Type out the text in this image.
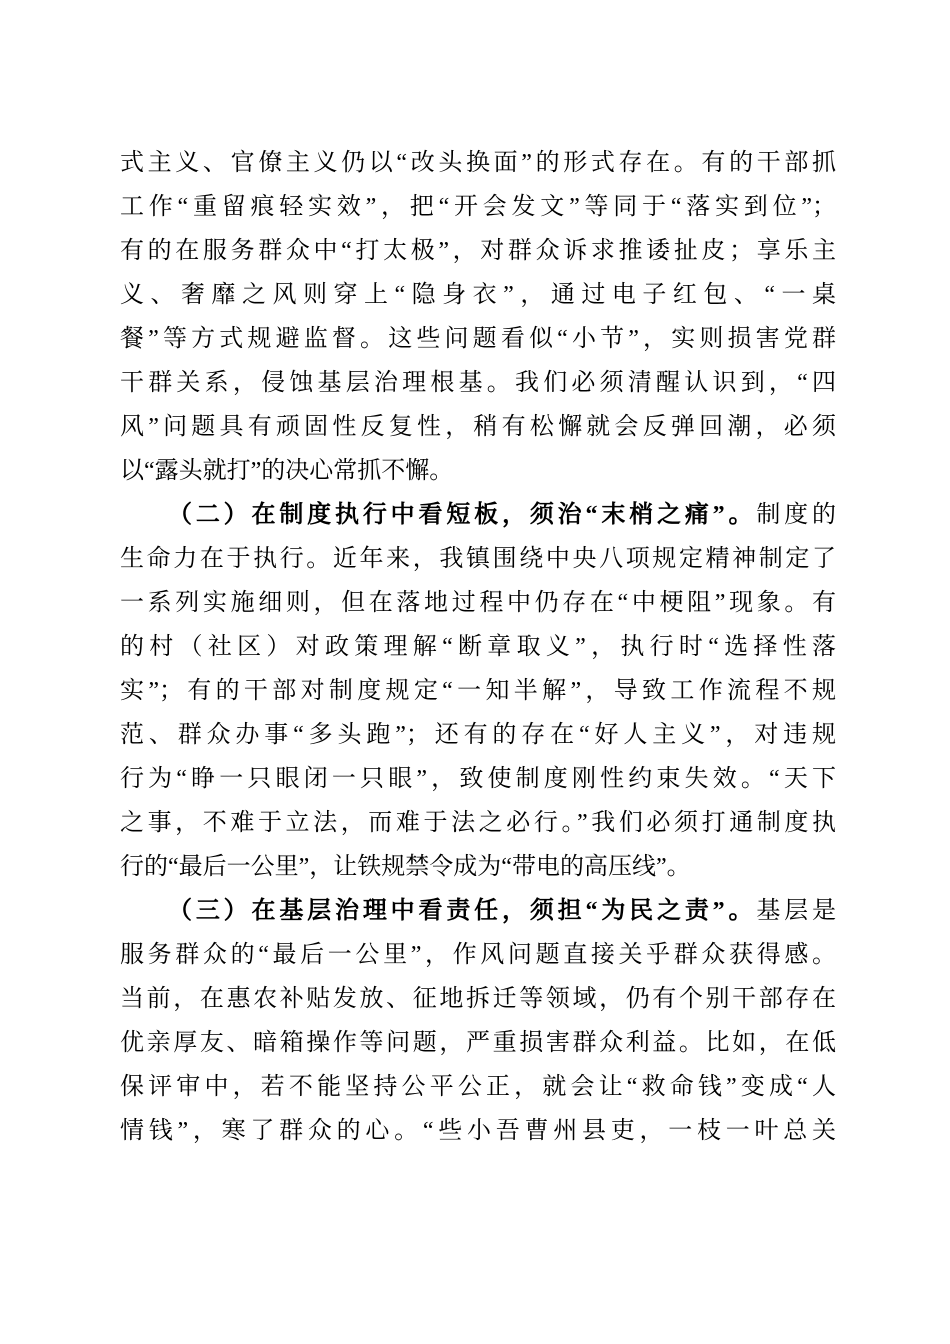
式主义、官僚主义仍以“改头换面”的形式存在。有的干部抓
工作“重留痕轻实效”，把“开会发文”等同于“落实到位”；
有的在服务群众中“打太极”，对群众诉求推诿扯皮；享乐主
义、奢靡之风则穿上“隐身衣”，通过电子红包、“一桌
餐”等方式规避监督。这些问题看似“小节”，实则损害党群
干群关系，侵蚀基层治理根基。我们必须清醒认识到，“四
风”问题具有顽固性反复性，稍有松懈就会反弹回潮，必须
以“露头就打”的决心常抓不懈。
（二）在制度执行中看短板，须治“末梢之痛”。制度的
生命力在于执行。近年来，我镇围绕中央八项规定精神制定了
一系列实施细则，但在落地过程中仍存在“中梗阻”现象。有
的村（社区）对政策理解“断章取义”，执行时“选择性落
实”；有的干部对制度规定“一知半解”，导致工作流程不规
范、群众办事“多头跑”；还有的存在“好人主义”，对违规
行为“睁一只眼闭一只眼”，致使制度刚性约束失效。“天下
之事，不难于立法，而难于法之必行。”我们必须打通制度执
行的“最后一公里”，让铁规禁令成为“带电的高压线”。
（三）在基层治理中看责任，须担“为民之责”。基层是
服务群众的“最后一公里”，作风问题直接关乎群众获得感。
当前，在惠农补贴发放、征地拆迁等领域，仍有个别干部存在
优亲厚友、暗箱操作等问题，严重损害群众利益。比如，在低
保评审中，若不能坚持公平公正，就会让“救命钱”变成“人
情钱”，寒了群众的心。“些小吾曹州县吏，一枝一叶总关
